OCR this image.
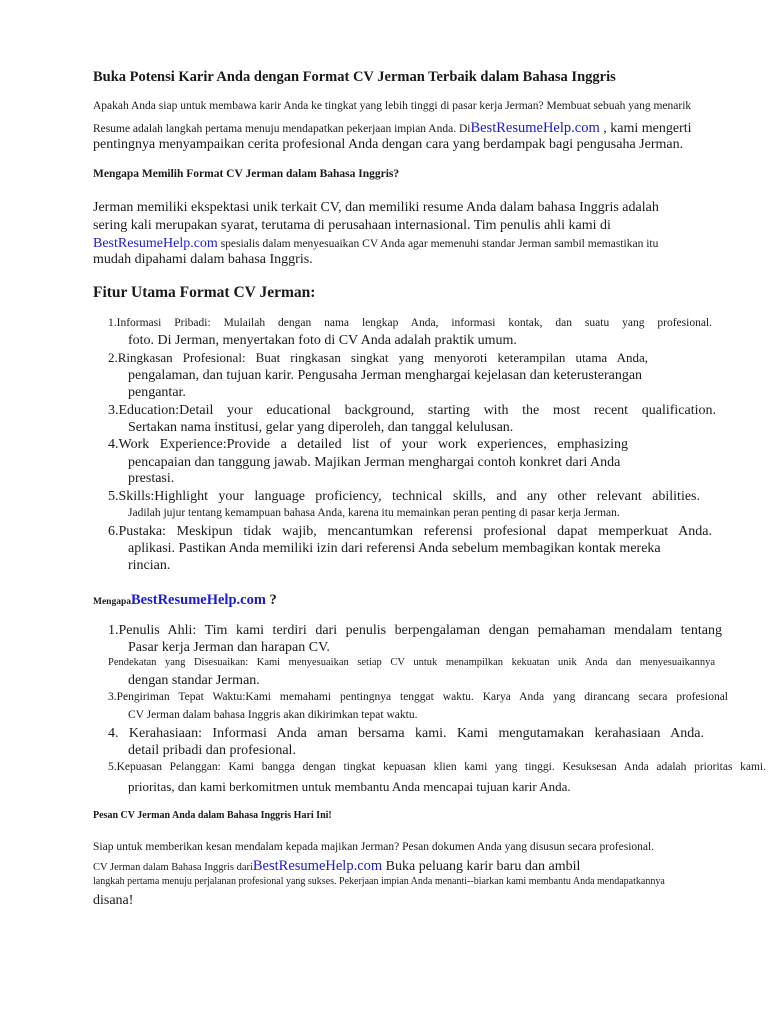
Buka Potensi Karir Anda dengan Format CV Jerman Terbaik dalam Bahasa Inggris
Apakah Anda siap untuk membawa karir Anda ke tingkat yang lebih tinggi di pasar kerja Jerman? Membuat sebuah yang menarik
Resume adalah langkah pertama menuju mendapatkan pekerjaan impian Anda. DiBestResumeHelp.com , kami mengerti
pentingnya menyampaikan cerita profesional Anda dengan cara yang berdampak bagi pengusaha Jerman.
Mengapa Memilih Format CV Jerman dalam Bahasa Inggris?
Jerman memiliki ekspektasi unik terkait CV, dan memiliki resume Anda dalam bahasa Inggris adalah
sering kali merupakan syarat, terutama di perusahaan internasional. Tim penulis ahli kami di
BestResumeHelp.com spesialis dalam menyesuaikan CV Anda agar memenuhi standar Jerman sambil memastikan itu
mudah dipahami dalam bahasa Inggris.
Fitur Utama Format CV Jerman:
1.Informasi Pribadi: Mulailah dengan nama lengkap Anda, informasi kontak, dan suatu yang profesional.
foto. Di Jerman, menyertakan foto di CV Anda adalah praktik umum.
2.Ringkasan Profesional: Buat ringkasan singkat yang menyoroti keterampilan utama Anda,
pengalaman, dan tujuan karir. Pengusaha Jerman menghargai kejelasan dan keterusterangan
pengantar.
3.Education:Detail your educational background, starting with the most recent qualification.
Sertakan nama institusi, gelar yang diperoleh, dan tanggal kelulusan.
4.Work Experience:Provide a detailed list of your work experiences, emphasizing
pencapaian dan tanggung jawab. Majikan Jerman menghargai contoh konkret dari Anda
prestasi.
5.Skills:Highlight your language proficiency, technical skills, and any other relevant abilities.
Jadilah jujur tentang kemampuan bahasa Anda, karena itu memainkan peran penting di pasar kerja Jerman.
6.Pustaka: Meskipun tidak wajib, mencantumkan referensi profesional dapat memperkuat Anda.
aplikasi. Pastikan Anda memiliki izin dari referensi Anda sebelum membagikan kontak mereka
rincian.
MengapaBestResumeHelp.com ?
1.Penulis Ahli: Tim kami terdiri dari penulis berpengalaman dengan pemahaman mendalam tentang
Pasar kerja Jerman dan harapan CV.
Pendekatan yang Disesuaikan: Kami menyesuaikan setiap CV untuk menampilkan kekuatan unik Anda dan menyesuaikannya
dengan standar Jerman.
3.Pengiriman Tepat Waktu:Kami memahami pentingnya tenggat waktu. Karya Anda yang dirancang secara profesional
CV Jerman dalam bahasa Inggris akan dikirimkan tepat waktu.
4. Kerahasiaan: Informasi Anda aman bersama kami. Kami mengutamakan kerahasiaan Anda.
detail pribadi dan profesional.
5.Kepuasan Pelanggan: Kami bangga dengan tingkat kepuasan klien kami yang tinggi. Kesuksesan Anda adalah prioritas kami.
prioritas, dan kami berkomitmen untuk membantu Anda mencapai tujuan karir Anda.
Pesan CV Jerman Anda dalam Bahasa Inggris Hari Ini!
Siap untuk memberikan kesan mendalam kepada majikan Jerman? Pesan dokumen Anda yang disusun secara profesional.
CV Jerman dalam Bahasa Inggris dariBestResumeHelp.com Buka peluang karir baru dan ambil
langkah pertama menuju perjalanan profesional yang sukses. Pekerjaan impian Anda menanti--biarkan kami membantu Anda mendapatkannya
disana!
